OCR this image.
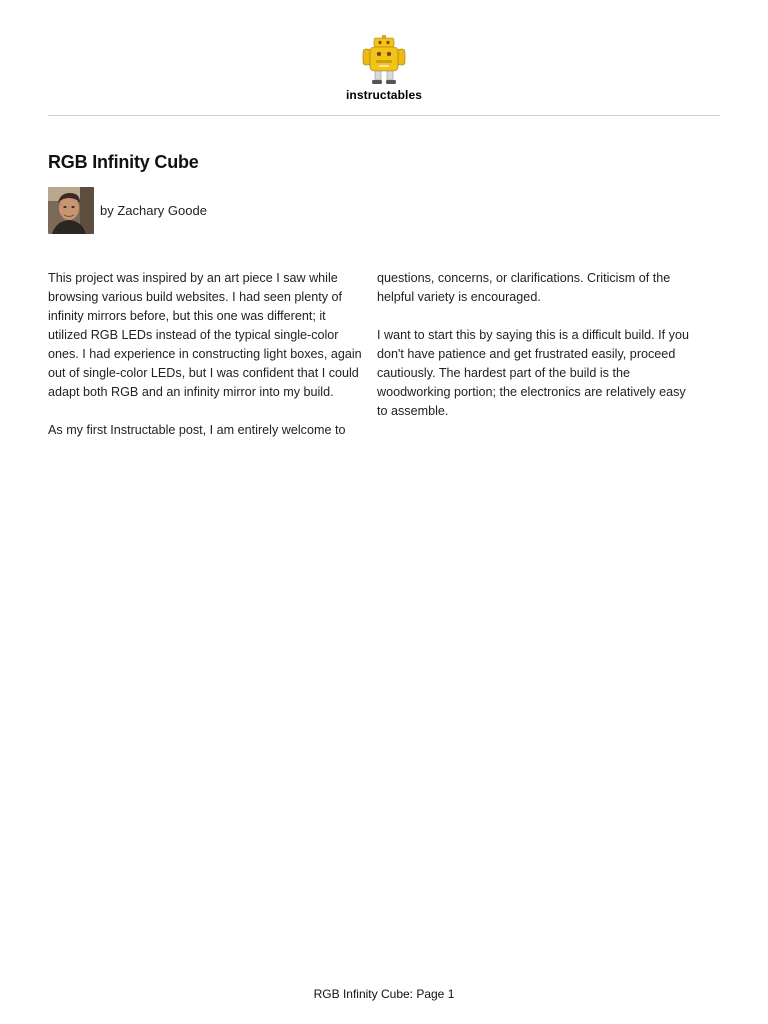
instructables
RGB Infinity Cube
by Zachary Goode

This project was inspired by an art piece I saw while browsing various build websites. I had seen plenty of infinity mirrors before, but this one was different; it utilized RGB LEDs instead of the typical single-color ones. I had experience in constructing light boxes, again out of single-color LEDs, but I was confident that I could adapt both RGB and an infinity mirror into my build.

As my first Instructable post, I am entirely welcome to

questions, concerns, or clarifications. Criticism of the helpful variety is encouraged.

I want to start this by saying this is a difficult build. If you don't have patience and get frustrated easily, proceed cautiously. The hardest part of the build is the woodworking portion; the electronics are relatively easy to assemble.

RGB Infinity Cube: Page 1
